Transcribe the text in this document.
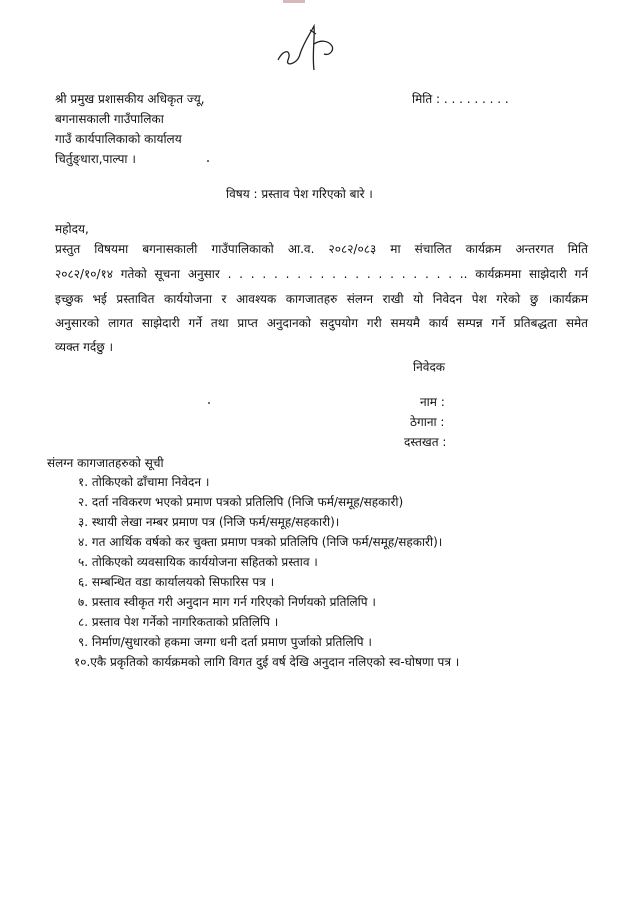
मिति : . . . . . . . . .
श्री प्रमुख प्रशासकीय अधिकृत ज्यू,
बगनासकाली गाउँपालिका
गाउँ कार्यपालिकाको कार्यालय
चिर्तुङ्धारा,पाल्पा ।
विषय : प्रस्ताव पेश गरिएको बारे ।
महोदय,
प्रस्तुत विषयमा बगनासकाली गाउँपालिकाको आ.व. २०८२/०८३ मा संचालित कार्यक्रम अन्तरगत मिति
२०८२/१०/१४ गतेको सूचना अनुसार . . . . . . . . . . . . . . . . . . . . .. कार्यक्रममा साझेदारी गर्न
इच्छुक भई प्रस्तावित कार्ययोजना र आवश्यक कागजातहरु संलग्न राखी यो निवेदन पेश गरेको छु ।कार्यक्रम
अनुसारको लागत साझेदारी गर्ने तथा प्राप्त अनुदानको सदुपयोग गरी समयमै कार्य सम्पन्न गर्ने प्रतिबद्धता समेत
व्यक्त गर्दछु ।
निवेदक
नाम :
ठेगाना :
दस्तखत :
संलग्न कागजातहरुको सूची
१. तोकिएको ढाँचामा निवेदन ।
२. दर्ता नविकरण भएको प्रमाण पत्रको प्रतिलिपि (निजि फर्म/समूह/सहकारी)
३. स्थायी लेखा नम्बर प्रमाण पत्र (निजि फर्म/समूह/सहकारी)।
४. गत आर्थिक वर्षको कर चुक्ता प्रमाण पत्रको प्रतिलिपि (निजि फर्म/समूह/सहकारी)।
५. तोकिएको व्यवसायिक कार्ययोजना सहितको प्रस्ताव ।
६. सम्बन्धित वडा कार्यालयको सिफारिस पत्र ।
७. प्रस्ताव स्वीकृत गरी अनुदान माग गर्न गरिएको निर्णयको प्रतिलिपि ।
८. प्रस्ताव पेश गर्नेको नागरिकताको प्रतिलिपि ।
९. निर्माण/सुधारको हकमा जग्गा धनी दर्ता प्रमाण पुर्जाको प्रतिलिपि ।
१०.एकै प्रकृतिको कार्यक्रमको लागि विगत दुई वर्ष देखि अनुदान नलिएको स्व-घोषणा पत्र ।
